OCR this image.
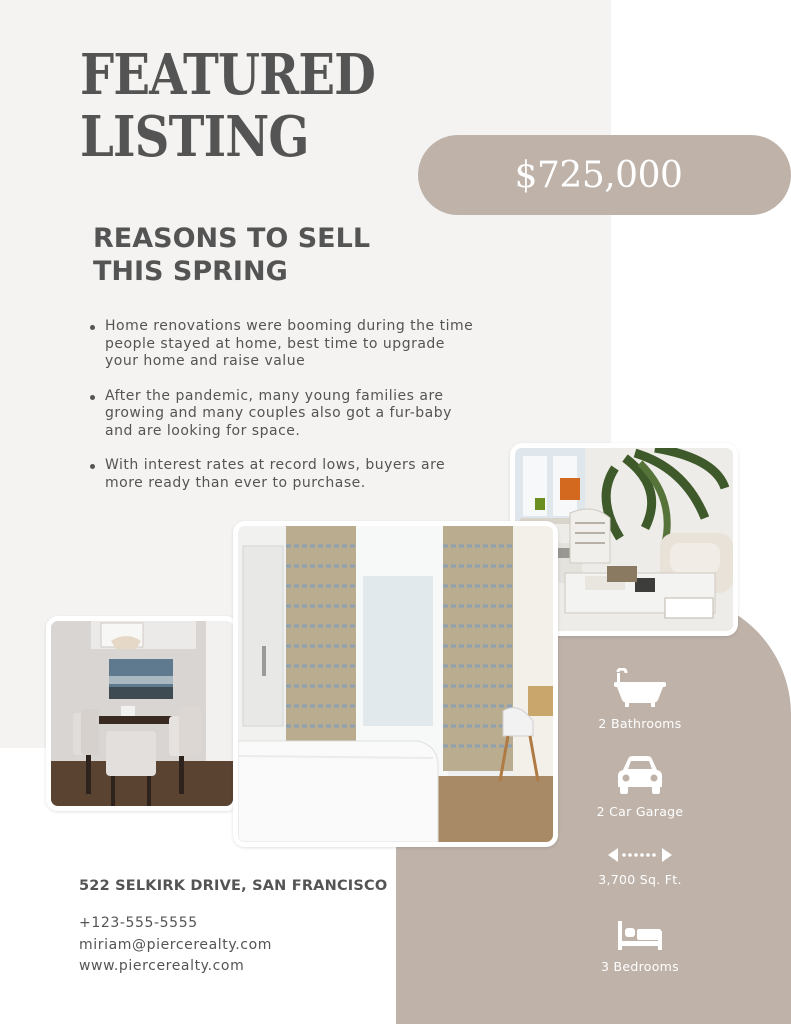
FEATURED
LISTING
$725,000
REASONS TO SELL
THIS SPRING
Home renovations were booming during the time people stayed at home, best time to upgrade your home and raise value
After the pandemic, many young families are growing and many couples also got a fur-baby and are looking for space.
With interest rates at record lows, buyers are more ready than ever to purchase.
2 Bathrooms
2 Car Garage
3,700 Sq. Ft.
3 Bedrooms
522 SELKIRK DRIVE, SAN FRANCISCO
+123-555-5555
miriam@piercerealty.com
www.piercerealty.com
